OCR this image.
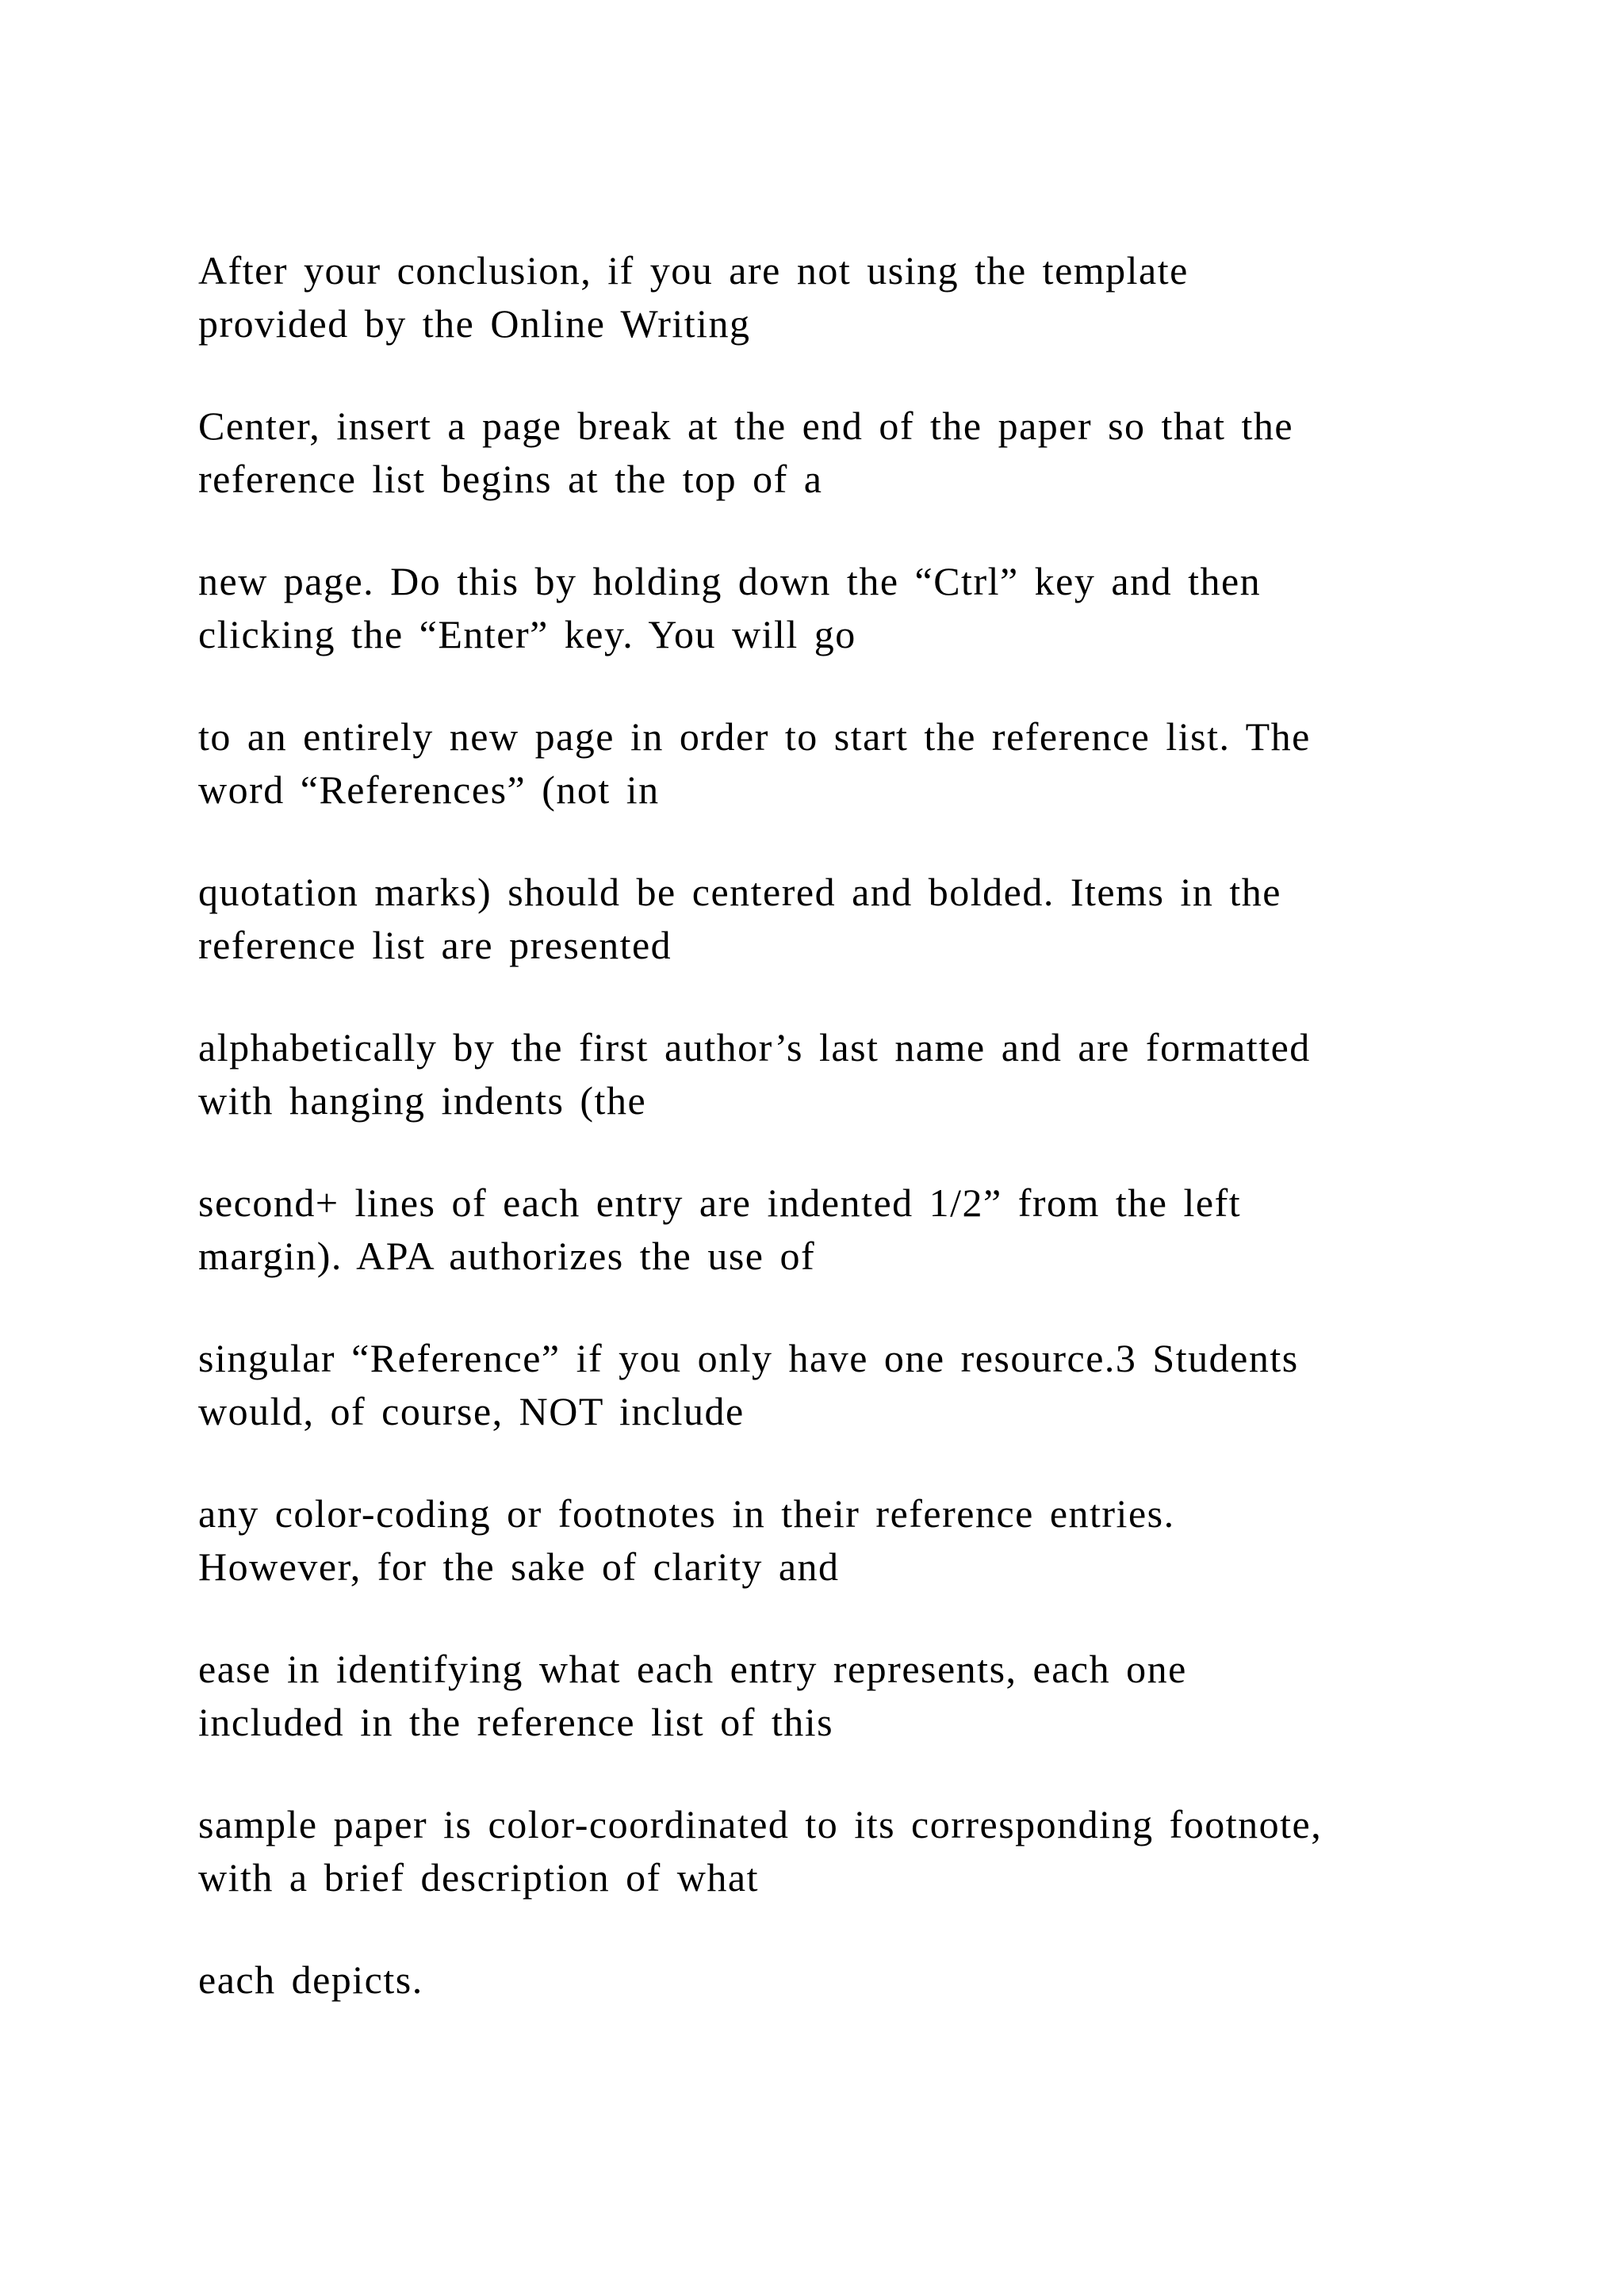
After your conclusion, if you are not using the template
provided by the Online Writing

Center, insert a page break at the end of the paper so that the
reference list begins at the top of a

new page. Do this by holding down the “Ctrl” key and then
clicking the “Enter” key. You will go

to an entirely new page in order to start the reference list. The
word “References” (not in

quotation marks) should be centered and bolded. Items in the
reference list are presented

alphabetically by the first author’s last name and are formatted
with hanging indents (the

second+ lines of each entry are indented 1/2” from the left
margin). APA authorizes the use of

singular “Reference” if you only have one resource.3 Students
would, of course, NOT include

any color-coding or footnotes in their reference entries.
However, for the sake of clarity and

ease in identifying what each entry represents, each one
included in the reference list of this

sample paper is color-coordinated to its corresponding footnote,
with a brief description of what

each depicts.
